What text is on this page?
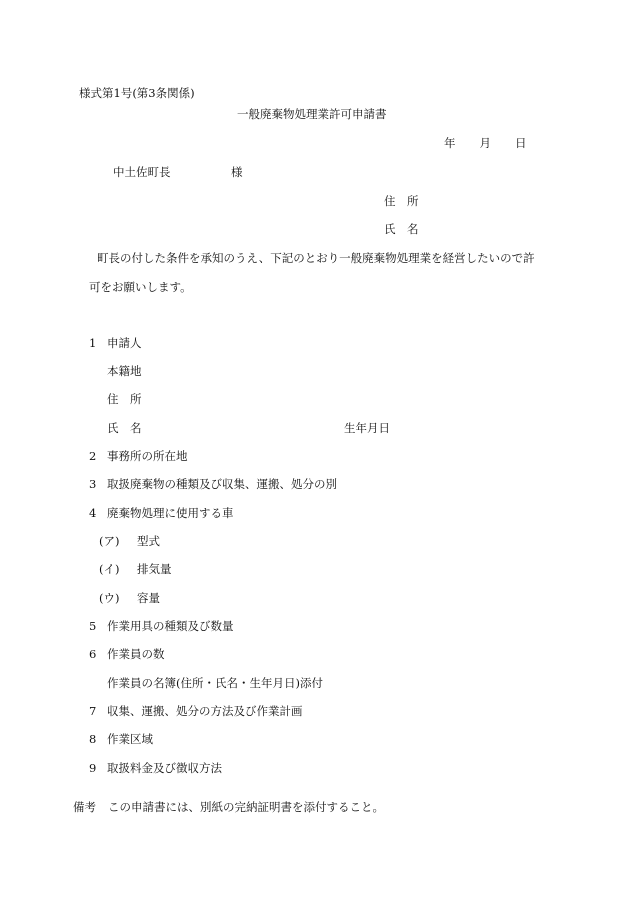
様式第1号(第3条関係)
一般廃棄物処理業許可申請書
年 月 日
中土佐町長	様
住　所
氏　名
町長の付した条件を承知のうえ、下記のとおり一般廃棄物処理業を経営したいので許
可をお願いします。
1 申請人
本籍地
住　所
氏　名	生年月日
2 事務所の所在地
3 取扱廃棄物の種類及び収集、運搬、処分の別
4 廃棄物処理に使用する車
(ア) 型式
(イ) 排気量
(ウ) 容量
5 作業用具の種類及び数量
6 作業員の数
作業員の名簿(住所・氏名・生年月日)添付
7 収集、運搬、処分の方法及び作業計画
8 作業区域
9 取扱料金及び徴収方法
備考 この申請書には、別紙の完納証明書を添付すること。
